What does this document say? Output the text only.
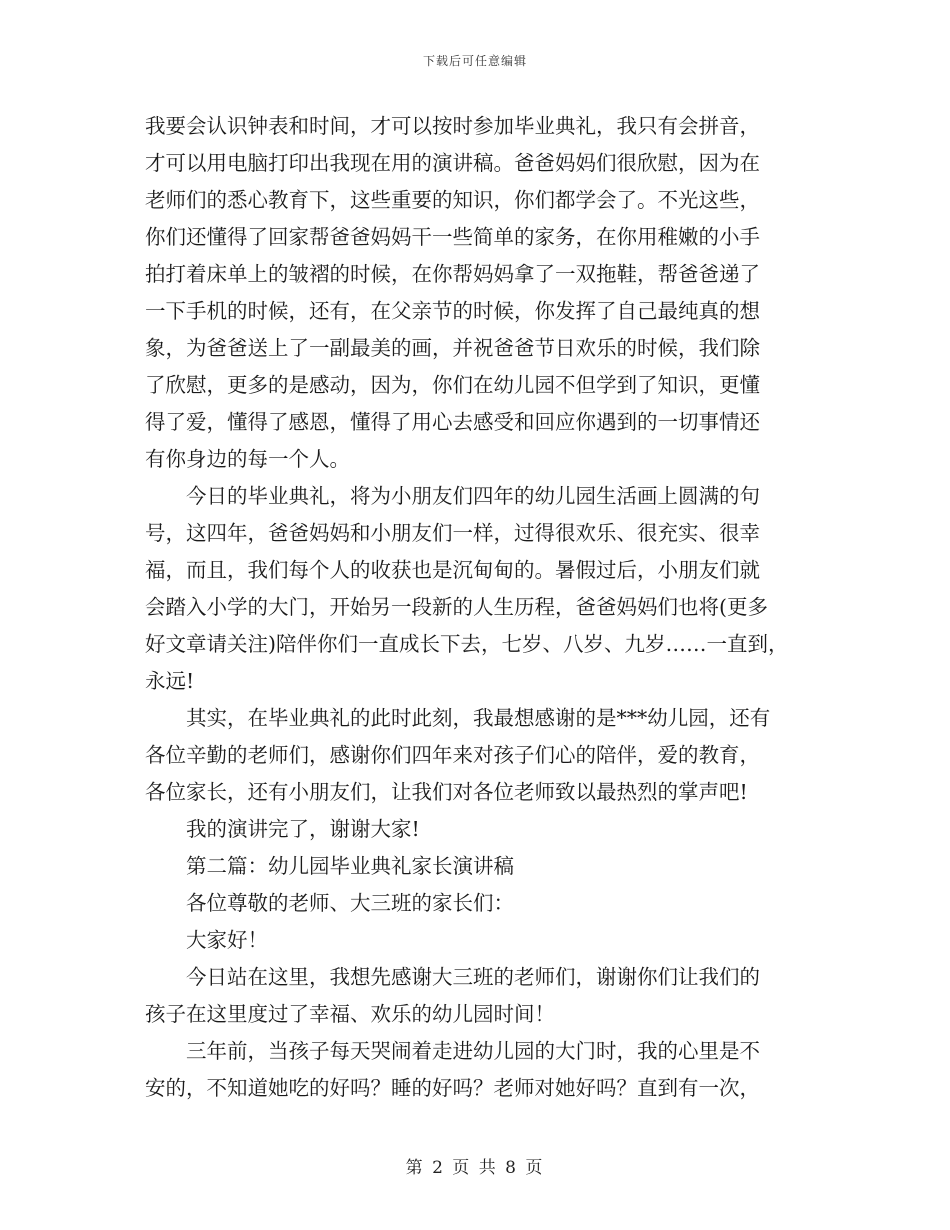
下载后可任意编辑
我要会认识钟表和时间，才可以按时参加毕业典礼，我只有会拼音，
才可以用电脑打印出我现在用的演讲稿。爸爸妈妈们很欣慰，因为在
老师们的悉心教育下，这些重要的知识，你们都学会了。不光这些，
你们还懂得了回家帮爸爸妈妈干一些简单的家务，在你用稚嫩的小手
拍打着床单上的皱褶的时候，在你帮妈妈拿了一双拖鞋，帮爸爸递了
一下手机的时候，还有，在父亲节的时候，你发挥了自己最纯真的想
象，为爸爸送上了一副最美的画，并祝爸爸节日欢乐的时候，我们除
了欣慰，更多的是感动，因为，你们在幼儿园不但学到了知识，更懂
得了爱，懂得了感恩，懂得了用心去感受和回应你遇到的一切事情还
有你身边的每一个人。
　　今日的毕业典礼，将为小朋友们四年的幼儿园生活画上圆满的句
号，这四年，爸爸妈妈和小朋友们一样，过得很欢乐、很充实、很幸
福，而且，我们每个人的收获也是沉甸甸的。暑假过后，小朋友们就
会踏入小学的大门，开始另一段新的人生历程，爸爸妈妈们也将(更多
好文章请关注)陪伴你们一直成长下去，七岁、八岁、九岁……一直到，
永远!
　　其实，在毕业典礼的此时此刻，我最想感谢的是***幼儿园，还有
各位辛勤的老师们，感谢你们四年来对孩子们心的陪伴，爱的教育，
各位家长，还有小朋友们，让我们对各位老师致以最热烈的掌声吧!
　　我的演讲完了，谢谢大家!
　　第二篇：幼儿园毕业典礼家长演讲稿
　　各位尊敬的老师、大三班的家长们：
　　大家好！
　　今日站在这里，我想先感谢大三班的老师们，谢谢你们让我们的
孩子在这里度过了幸福、欢乐的幼儿园时间！
　　三年前，当孩子每天哭闹着走进幼儿园的大门时，我的心里是不
安的，不知道她吃的好吗？睡的好吗？老师对她好吗？直到有一次，
第 2 页 共 8 页
